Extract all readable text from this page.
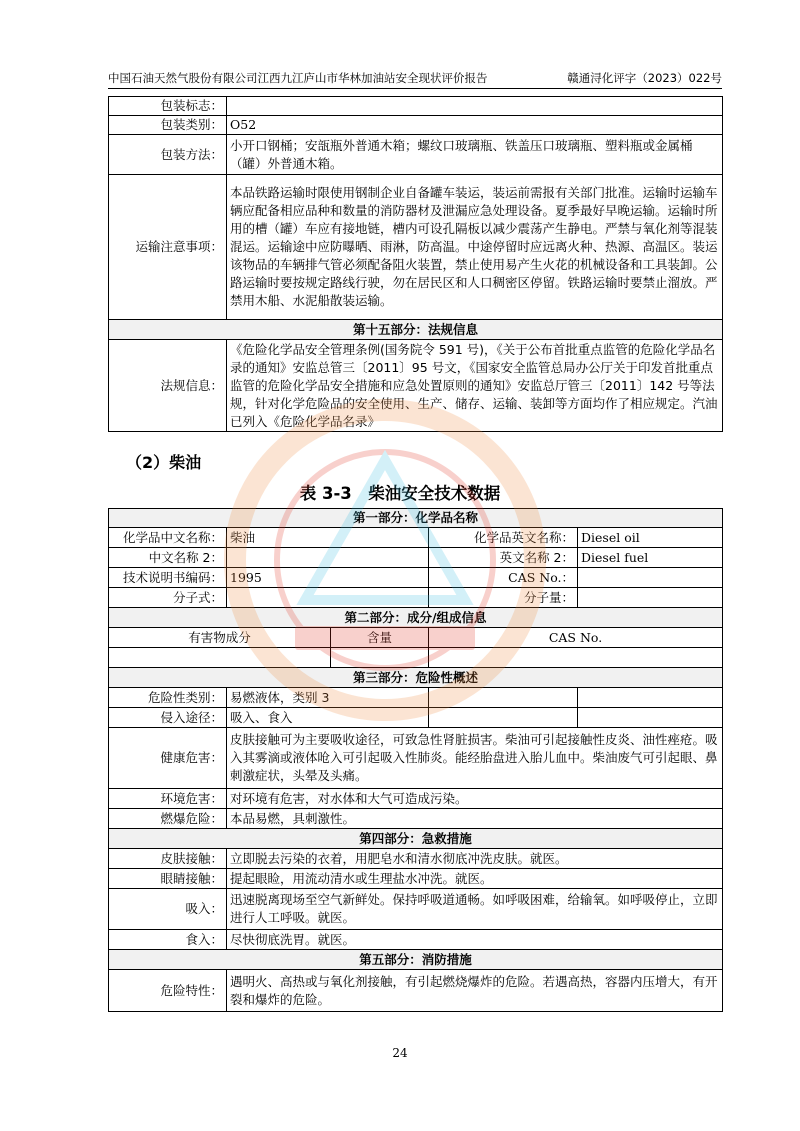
中国石油天然气股份有限公司江西九江庐山市华林加油站安全现状评价报告	赣通浔化评字（2023）022号
包装标志：	
包装类别：	O52
包装方法：	小开口钢桶；安瓿瓶外普通木箱；螺纹口玻璃瓶、铁盖压口玻璃瓶、塑料瓶或金属桶（罐）外普通木箱。
运输注意事项：	本品铁路运输时限使用钢制企业自备罐车装运，装运前需报有关部门批准。运输时运输车辆应配备相应品种和数量的消防器材及泄漏应急处理设备。夏季最好早晚运输。运输时所用的槽（罐）车应有接地链，槽内可设孔隔板以减少震荡产生静电。严禁与氧化剂等混装混运。运输途中应防曝晒、雨淋，防高温。中途停留时应远离火种、热源、高温区。装运该物品的车辆排气管必须配备阻火装置，禁止使用易产生火花的机械设备和工具装卸。公路运输时要按规定路线行驶，勿在居民区和人口稠密区停留。铁路运输时要禁止溜放。严禁用木船、水泥船散装运输。
第十五部分：法规信息	
法规信息：	《危险化学品安全管理条例(国务院令 591 号)，《关于公布首批重点监管的危险化学品名录的通知》安监总管三〔2011〕95 号文，《国家安全监管总局办公厅关于印发首批重点监管的危险化学品安全措施和应急处置原则的通知》安监总厅管三〔2011〕142 号等法规，针对化学危险品的安全使用、生产、储存、运输、装卸等方面均作了相应规定。汽油已列入《危险化学品名录》
（2）柴油
表 3-3　柴油安全技术数据
第一部分：化学品名称				
化学品中文名称：	柴油		化学品英文名称：	Diesel oil
中文名称 2：			英文名称 2：	Diesel fuel
技术说明书编码：	1995		CAS No.：	
分子式：			分子量：	
第二部分：成分/组成信息				
有害物成分		含量	CAS No.	

第三部分：危险性概述				
危险性类别：	易燃液体，类别 3			
侵入途径：	吸入、食入			
健康危害：	皮肤接触可为主要吸收途径，可致急性肾脏损害。柴油可引起接触性皮炎、油性痤疮。吸入其雾滴或液体呛入可引起吸入性肺炎。能经胎盘进入胎儿血中。柴油废气可引起眼、鼻刺激症状，头晕及头痛。			
环境危害：	对环境有危害，对水体和大气可造成污染。			
燃爆危险：	本品易燃，具刺激性。			
第四部分：急救措施				
皮肤接触：	立即脱去污染的衣着，用肥皂水和清水彻底冲洗皮肤。就医。			
眼睛接触：	提起眼睑，用流动清水或生理盐水冲洗。就医。			
吸入：	迅速脱离现场至空气新鲜处。保持呼吸道通畅。如呼吸困难，给输氧。如呼吸停止，立即进行人工呼吸。就医。			
食入：	尽快彻底洗胃。就医。			
第五部分：消防措施				
危险特性：	遇明火、高热或与氧化剂接触，有引起燃烧爆炸的危险。若遇高热，容器内压增大，有开裂和爆炸的危险。			
24
